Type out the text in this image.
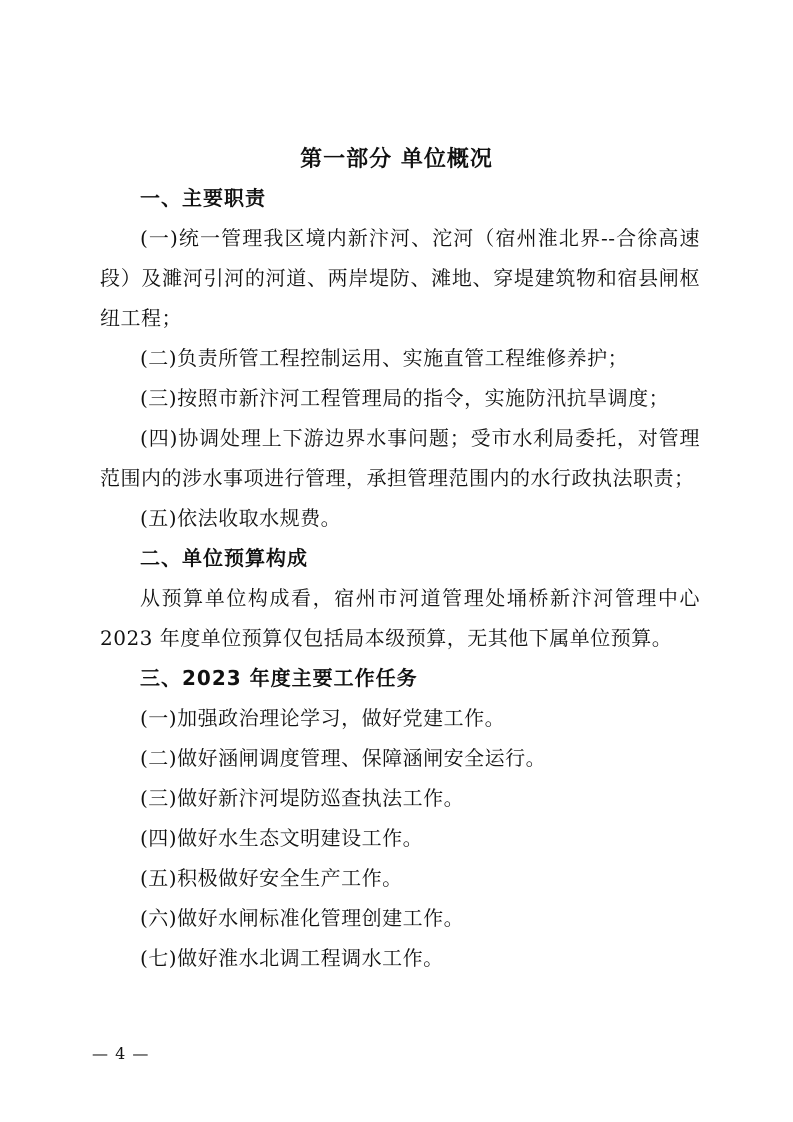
第一部分 单位概况

一、主要职责

(一)统一管理我区境内新汴河、沱河（宿州淮北界--合徐高速段）及濉河引河的河道、两岸堤防、滩地、穿堤建筑物和宿县闸枢纽工程；

(二)负责所管工程控制运用、实施直管工程维修养护；

(三)按照市新汴河工程管理局的指令，实施防汛抗旱调度；

(四)协调处理上下游边界水事问题；受市水利局委托，对管理范围内的涉水事项进行管理，承担管理范围内的水行政执法职责；

(五)依法收取水规费。

二、单位预算构成

从预算单位构成看，宿州市河道管理处埇桥新汴河管理中心 2023 年度单位预算仅包括局本级预算，无其他下属单位预算。

三、2023 年度主要工作任务

(一)加强政治理论学习，做好党建工作。

(二)做好涵闸调度管理、保障涵闸安全运行。

(三)做好新汴河堤防巡查执法工作。

(四)做好水生态文明建设工作。

(五)积极做好安全生产工作。

(六)做好水闸标准化管理创建工作。

(七)做好淮水北调工程调水工作。

— 4 —
